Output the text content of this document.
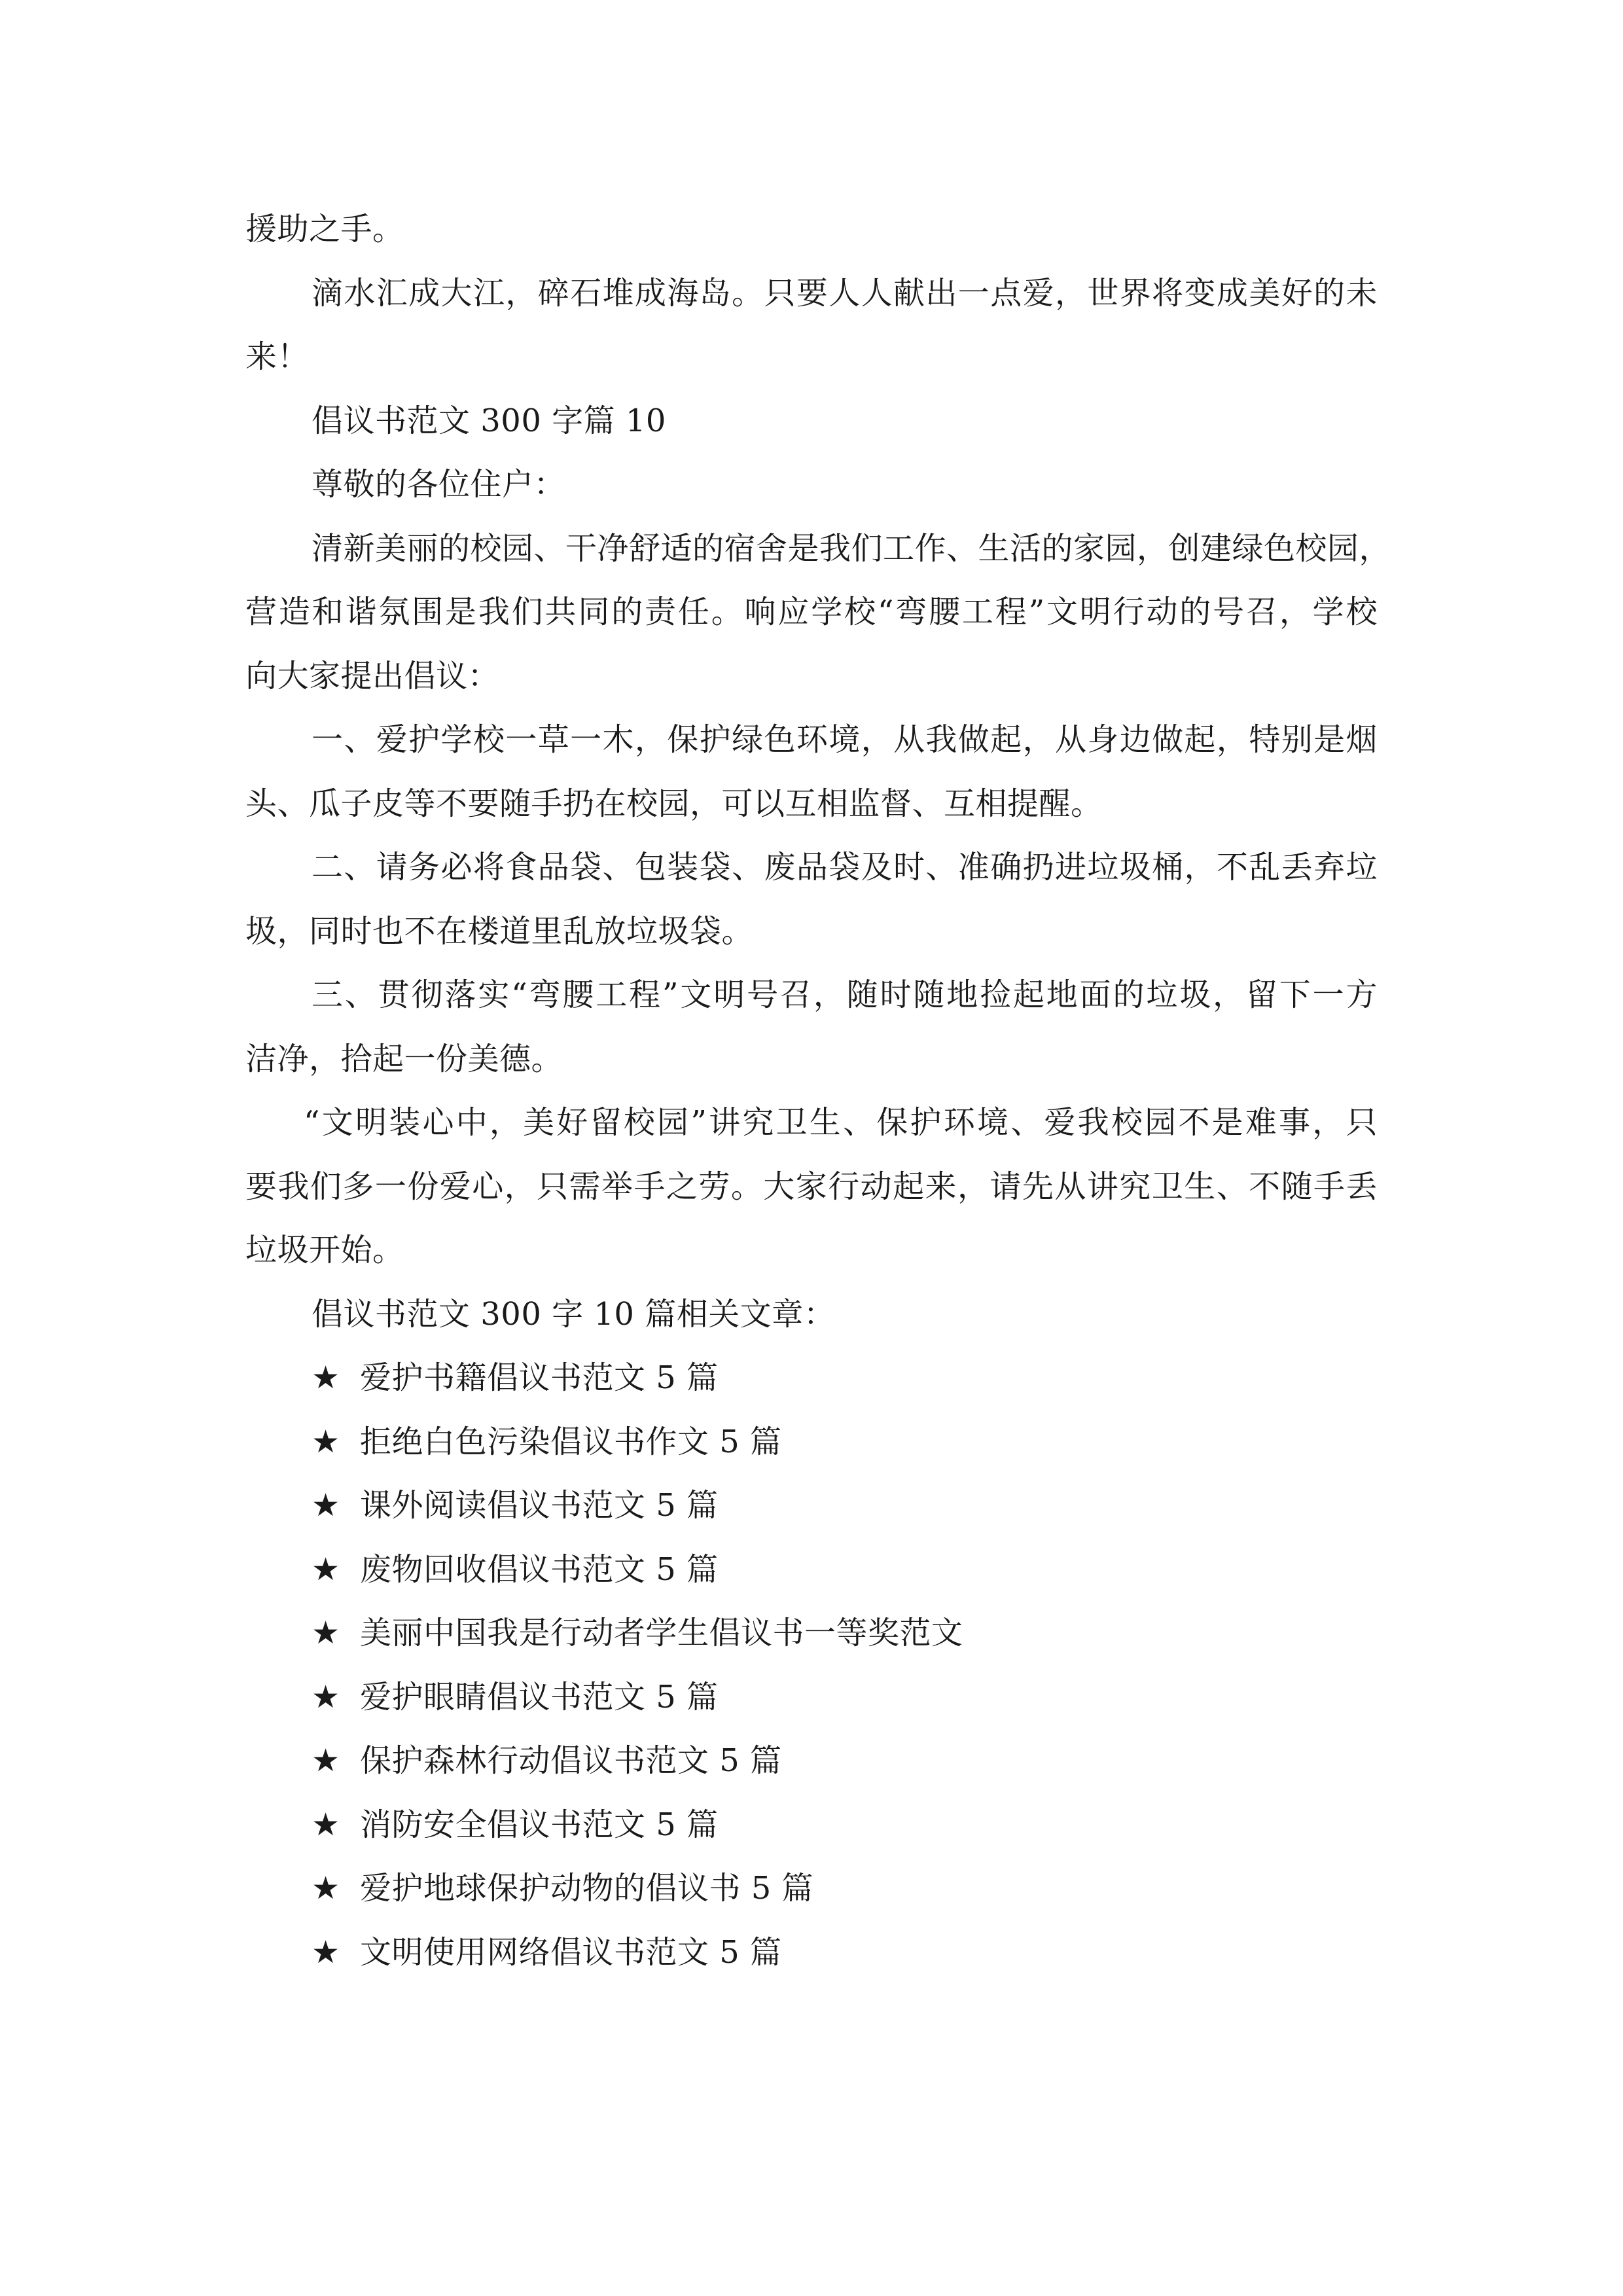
援助之手。
滴水汇成大江，碎石堆成海岛。只要人人献出一点爱，世界将变成美好的未
来！
倡议书范文 300 字篇 10
尊敬的各位住户：
清新美丽的校园、干净舒适的宿舍是我们工作、生活的家园，创建绿色校园，
营造和谐氛围是我们共同的责任。响应学校“弯腰工程”文明行动的号召，学校
向大家提出倡议：
一、爱护学校一草一木，保护绿色环境，从我做起，从身边做起，特别是烟
头、瓜子皮等不要随手扔在校园，可以互相监督、互相提醒。
二、请务必将食品袋、包装袋、废品袋及时、准确扔进垃圾桶，不乱丢弃垃
圾，同时也不在楼道里乱放垃圾袋。
三、贯彻落实“弯腰工程”文明号召，随时随地捡起地面的垃圾，留下一方
洁净，拾起一份美德。
“文明装心中，美好留校园”讲究卫生、保护环境、爱我校园不是难事，只
要我们多一份爱心，只需举手之劳。大家行动起来，请先从讲究卫生、不随手丢
垃圾开始。
倡议书范文 300 字 10 篇相关文章：
★ 爱护书籍倡议书范文 5 篇
★ 拒绝白色污染倡议书作文 5 篇
★ 课外阅读倡议书范文 5 篇
★ 废物回收倡议书范文 5 篇
★ 美丽中国我是行动者学生倡议书一等奖范文
★ 爱护眼睛倡议书范文 5 篇
★ 保护森林行动倡议书范文 5 篇
★ 消防安全倡议书范文 5 篇
★ 爱护地球保护动物的倡议书 5 篇
★ 文明使用网络倡议书范文 5 篇
